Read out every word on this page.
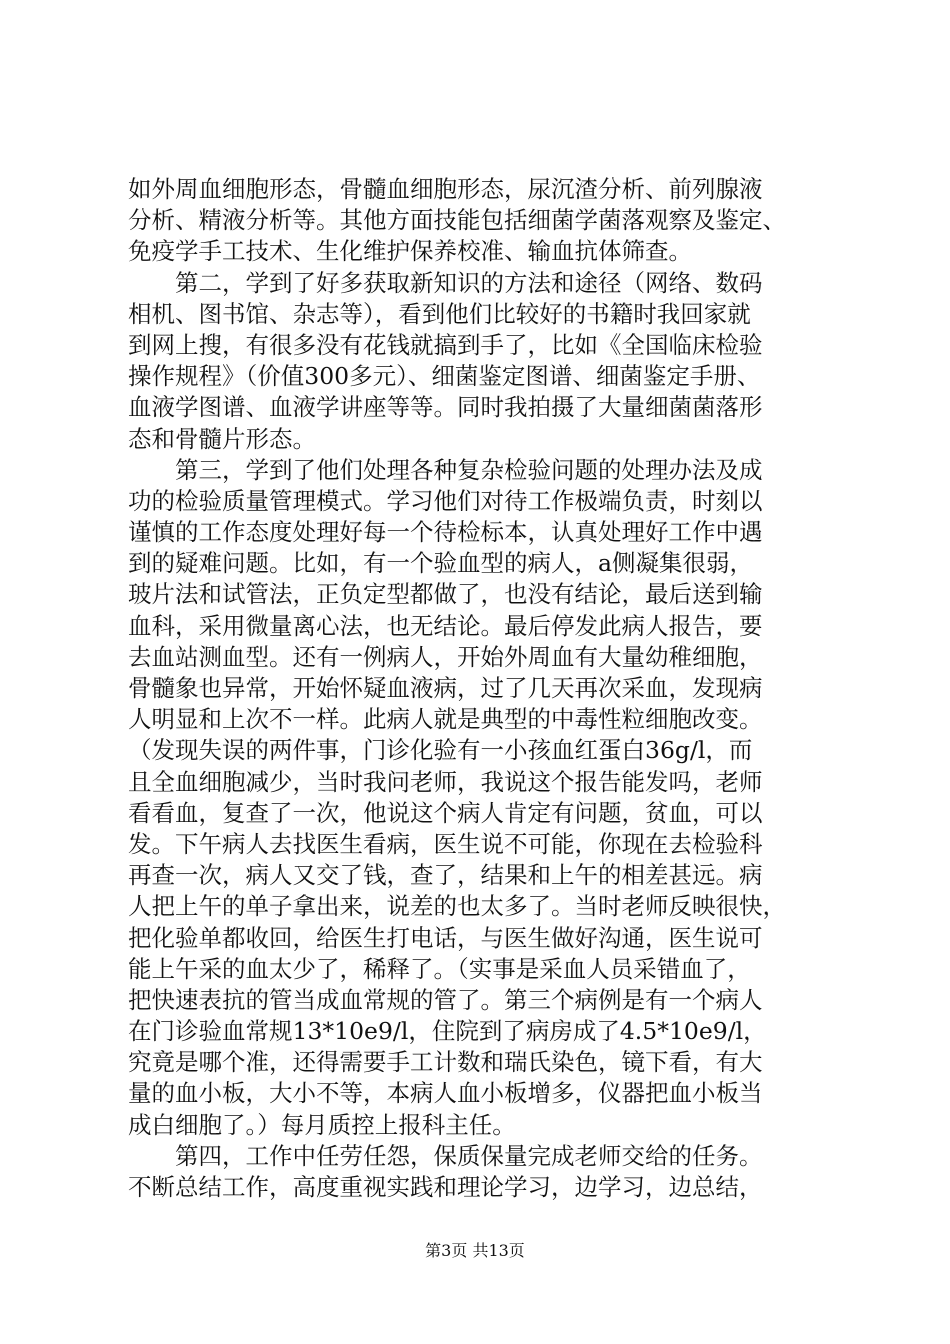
如外周血细胞形态，骨髓血细胞形态，尿沉渣分析、前列腺液
分析、精液分析等。其他方面技能包括细菌学菌落观察及鉴定、
免疫学手工技术、生化维护保养校准、输血抗体筛查。
　　第二，学到了好多获取新知识的方法和途径（网络、数码
相机、图书馆、杂志等），看到他们比较好的书籍时我回家就
到网上搜，有很多没有花钱就搞到手了，比如《全国临床检验
操作规程》（价值300多元）、细菌鉴定图谱、细菌鉴定手册、
血液学图谱、血液学讲座等等。同时我拍摄了大量细菌菌落形
态和骨髓片形态。
　　第三，学到了他们处理各种复杂检验问题的处理办法及成
功的检验质量管理模式。学习他们对待工作极端负责，时刻以
谨慎的工作态度处理好每一个待检标本，认真处理好工作中遇
到的疑难问题。比如，有一个验血型的病人，a侧凝集很弱，
玻片法和试管法，正负定型都做了，也没有结论，最后送到输
血科，采用微量离心法，也无结论。最后停发此病人报告，要
去血站测血型。还有一例病人，开始外周血有大量幼稚细胞，
骨髓象也异常，开始怀疑血液病，过了几天再次采血，发现病
人明显和上次不一样。此病人就是典型的中毒性粒细胞改变。
（发现失误的两件事，门诊化验有一小孩血红蛋白36g/l，而
且全血细胞减少，当时我问老师，我说这个报告能发吗，老师
看看血，复查了一次，他说这个病人肯定有问题，贫血，可以
发。下午病人去找医生看病，医生说不可能，你现在去检验科
再查一次，病人又交了钱，查了，结果和上午的相差甚远。病
人把上午的单子拿出来，说差的也太多了。当时老师反映很快，
把化验单都收回，给医生打电话，与医生做好沟通，医生说可
能上午采的血太少了，稀释了。（实事是采血人员采错血了，
把快速表抗的管当成血常规的管了。第三个病例是有一个病人
在门诊验血常规13*10e9/l，住院到了病房成了4.5*10e9/l，
究竟是哪个准，还得需要手工计数和瑞氏染色，镜下看，有大
量的血小板，大小不等，本病人血小板增多，仪器把血小板当
成白细胞了。）每月质控上报科主任。
　　第四，工作中任劳任怨，保质保量完成老师交给的任务。
不断总结工作，高度重视实践和理论学习，边学习，边总结，
第3页 共13页
